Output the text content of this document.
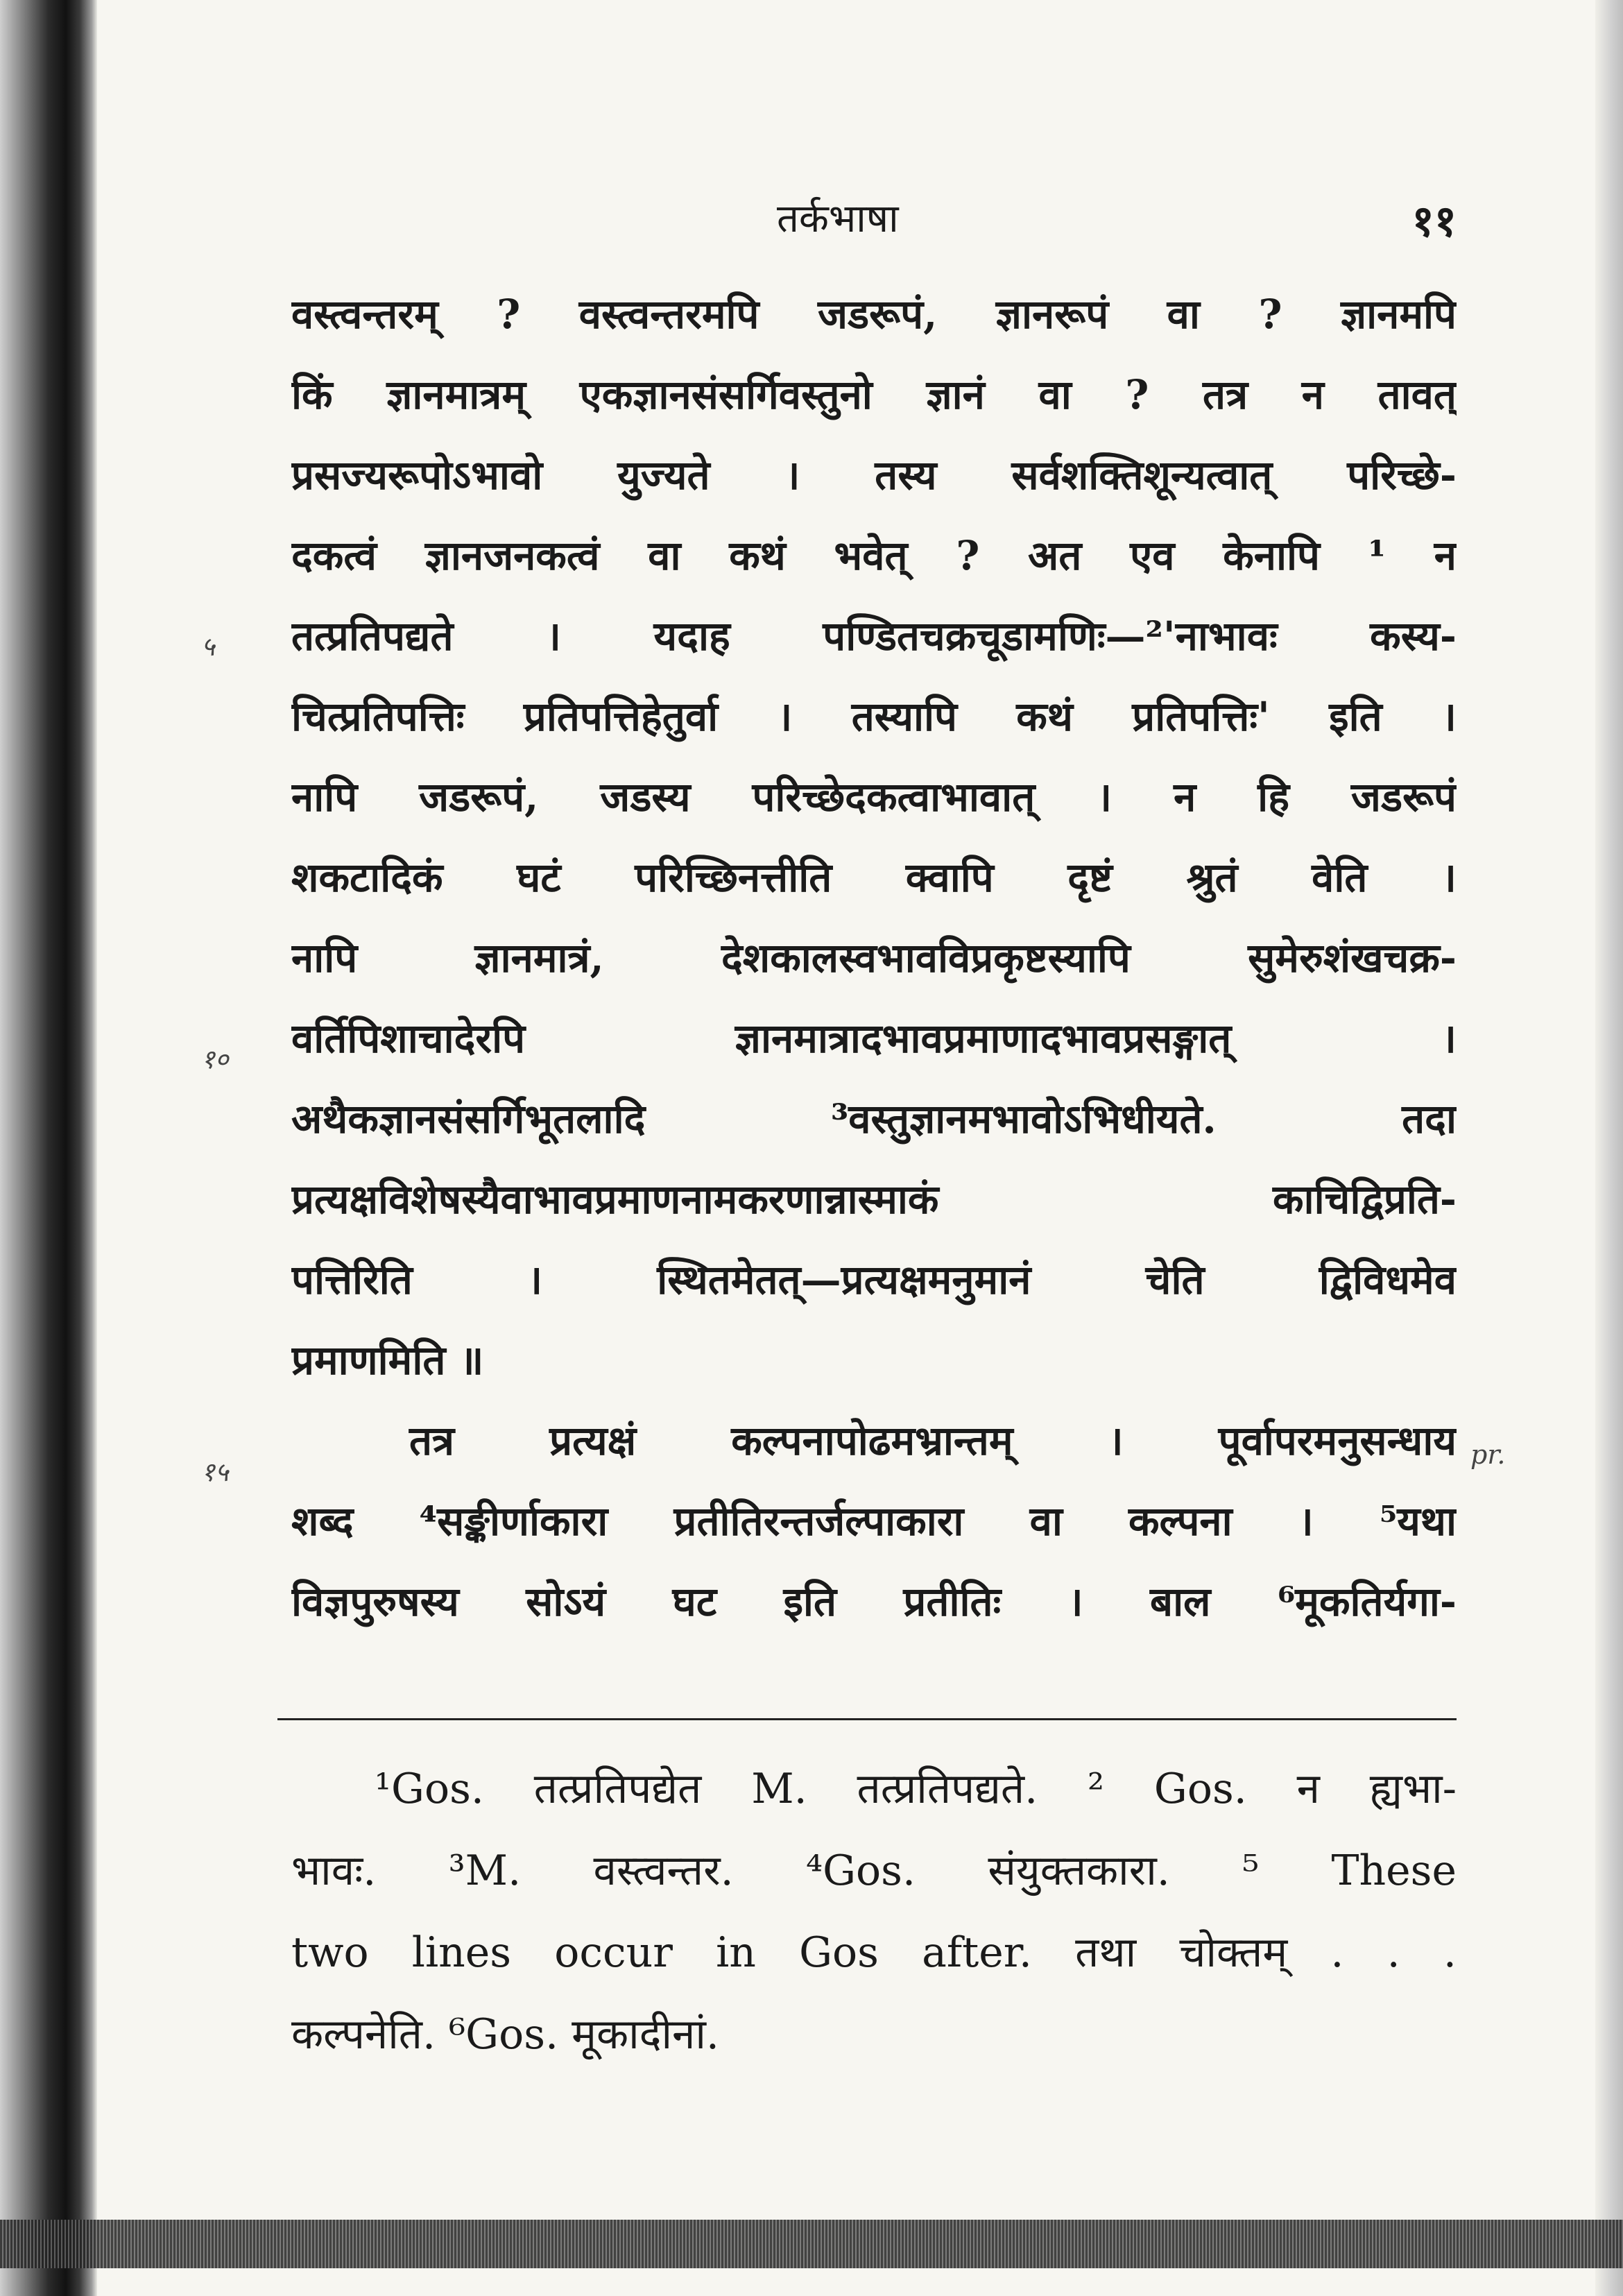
तर्कभाषा	११
५
१०
१५
pr.
वस्त्वन्तरम् ? वस्त्वन्तरमपि जडरूपं, ज्ञानरूपं वा ? ज्ञानमपि
किं ज्ञानमात्रम् एकज्ञानसंसर्गिवस्तुनो ज्ञानं वा ? तत्र न तावत्
प्रसज्यरूपोऽभावो युज्यते । तस्य सर्वशक्तिशून्यत्वात् परिच्छे-
दकत्वं ज्ञानजनकत्वं वा कथं भवेत् ? अत एव केनापि ¹ न
तत्प्रतिपद्यते । यदाह पण्डितचक्रचूडामणिः—²'नाभावः कस्य-
चित्प्रतिपत्तिः प्रतिपत्तिहेतुर्वा । तस्यापि कथं प्रतिपत्तिः' इति ।
नापि जडरूपं, जडस्य परिच्छेदकत्वाभावात् । न हि जडरूपं
शकटादिकं घटं परिच्छिनत्तीति क्वापि दृष्टं श्रुतं वेति ।
नापि ज्ञानमात्रं, देशकालस्वभावविप्रकृष्टस्यापि सुमेरुशंखचक्र-
वर्तिपिशाचादेरपि ज्ञानमात्रादभावप्रमाणादभावप्रसङ्गात् ।
अथैकज्ञानसंसर्गिभूतलादि ³वस्तुज्ञानमभावोऽभिधीयते. तदा
प्रत्यक्षविशेषस्यैवाभावप्रमाणनामकरणान्नास्माकं काचिद्विप्रति-
पत्तिरिति । स्थितमेतत्—प्रत्यक्षमनुमानं चेति द्विविधमेव
प्रमाणमिति ॥
तत्र प्रत्यक्षं कल्पनापोढमभ्रान्तम् । पूर्वापरमनुसन्धाय
शब्द ⁴सङ्कीर्णाकारा प्रतीतिरन्तर्जल्पाकारा वा कल्पना । ⁵यथा
विज्ञपुरुषस्य सोऽयं घट इति प्रतीतिः । बाल ⁶मूकतिर्यगा-
¹Gos. तत्प्रतिपद्येत M. तत्प्रतिपद्यते. ² Gos. न ह्यभा-
भावः. ³M. वस्त्वन्तर. ⁴Gos. संयुक्तकारा. ⁵ These
two lines occur in Gos after. तथा चोक्तम् . . .
कल्पनेति. ⁶Gos. मूकादीनां.
